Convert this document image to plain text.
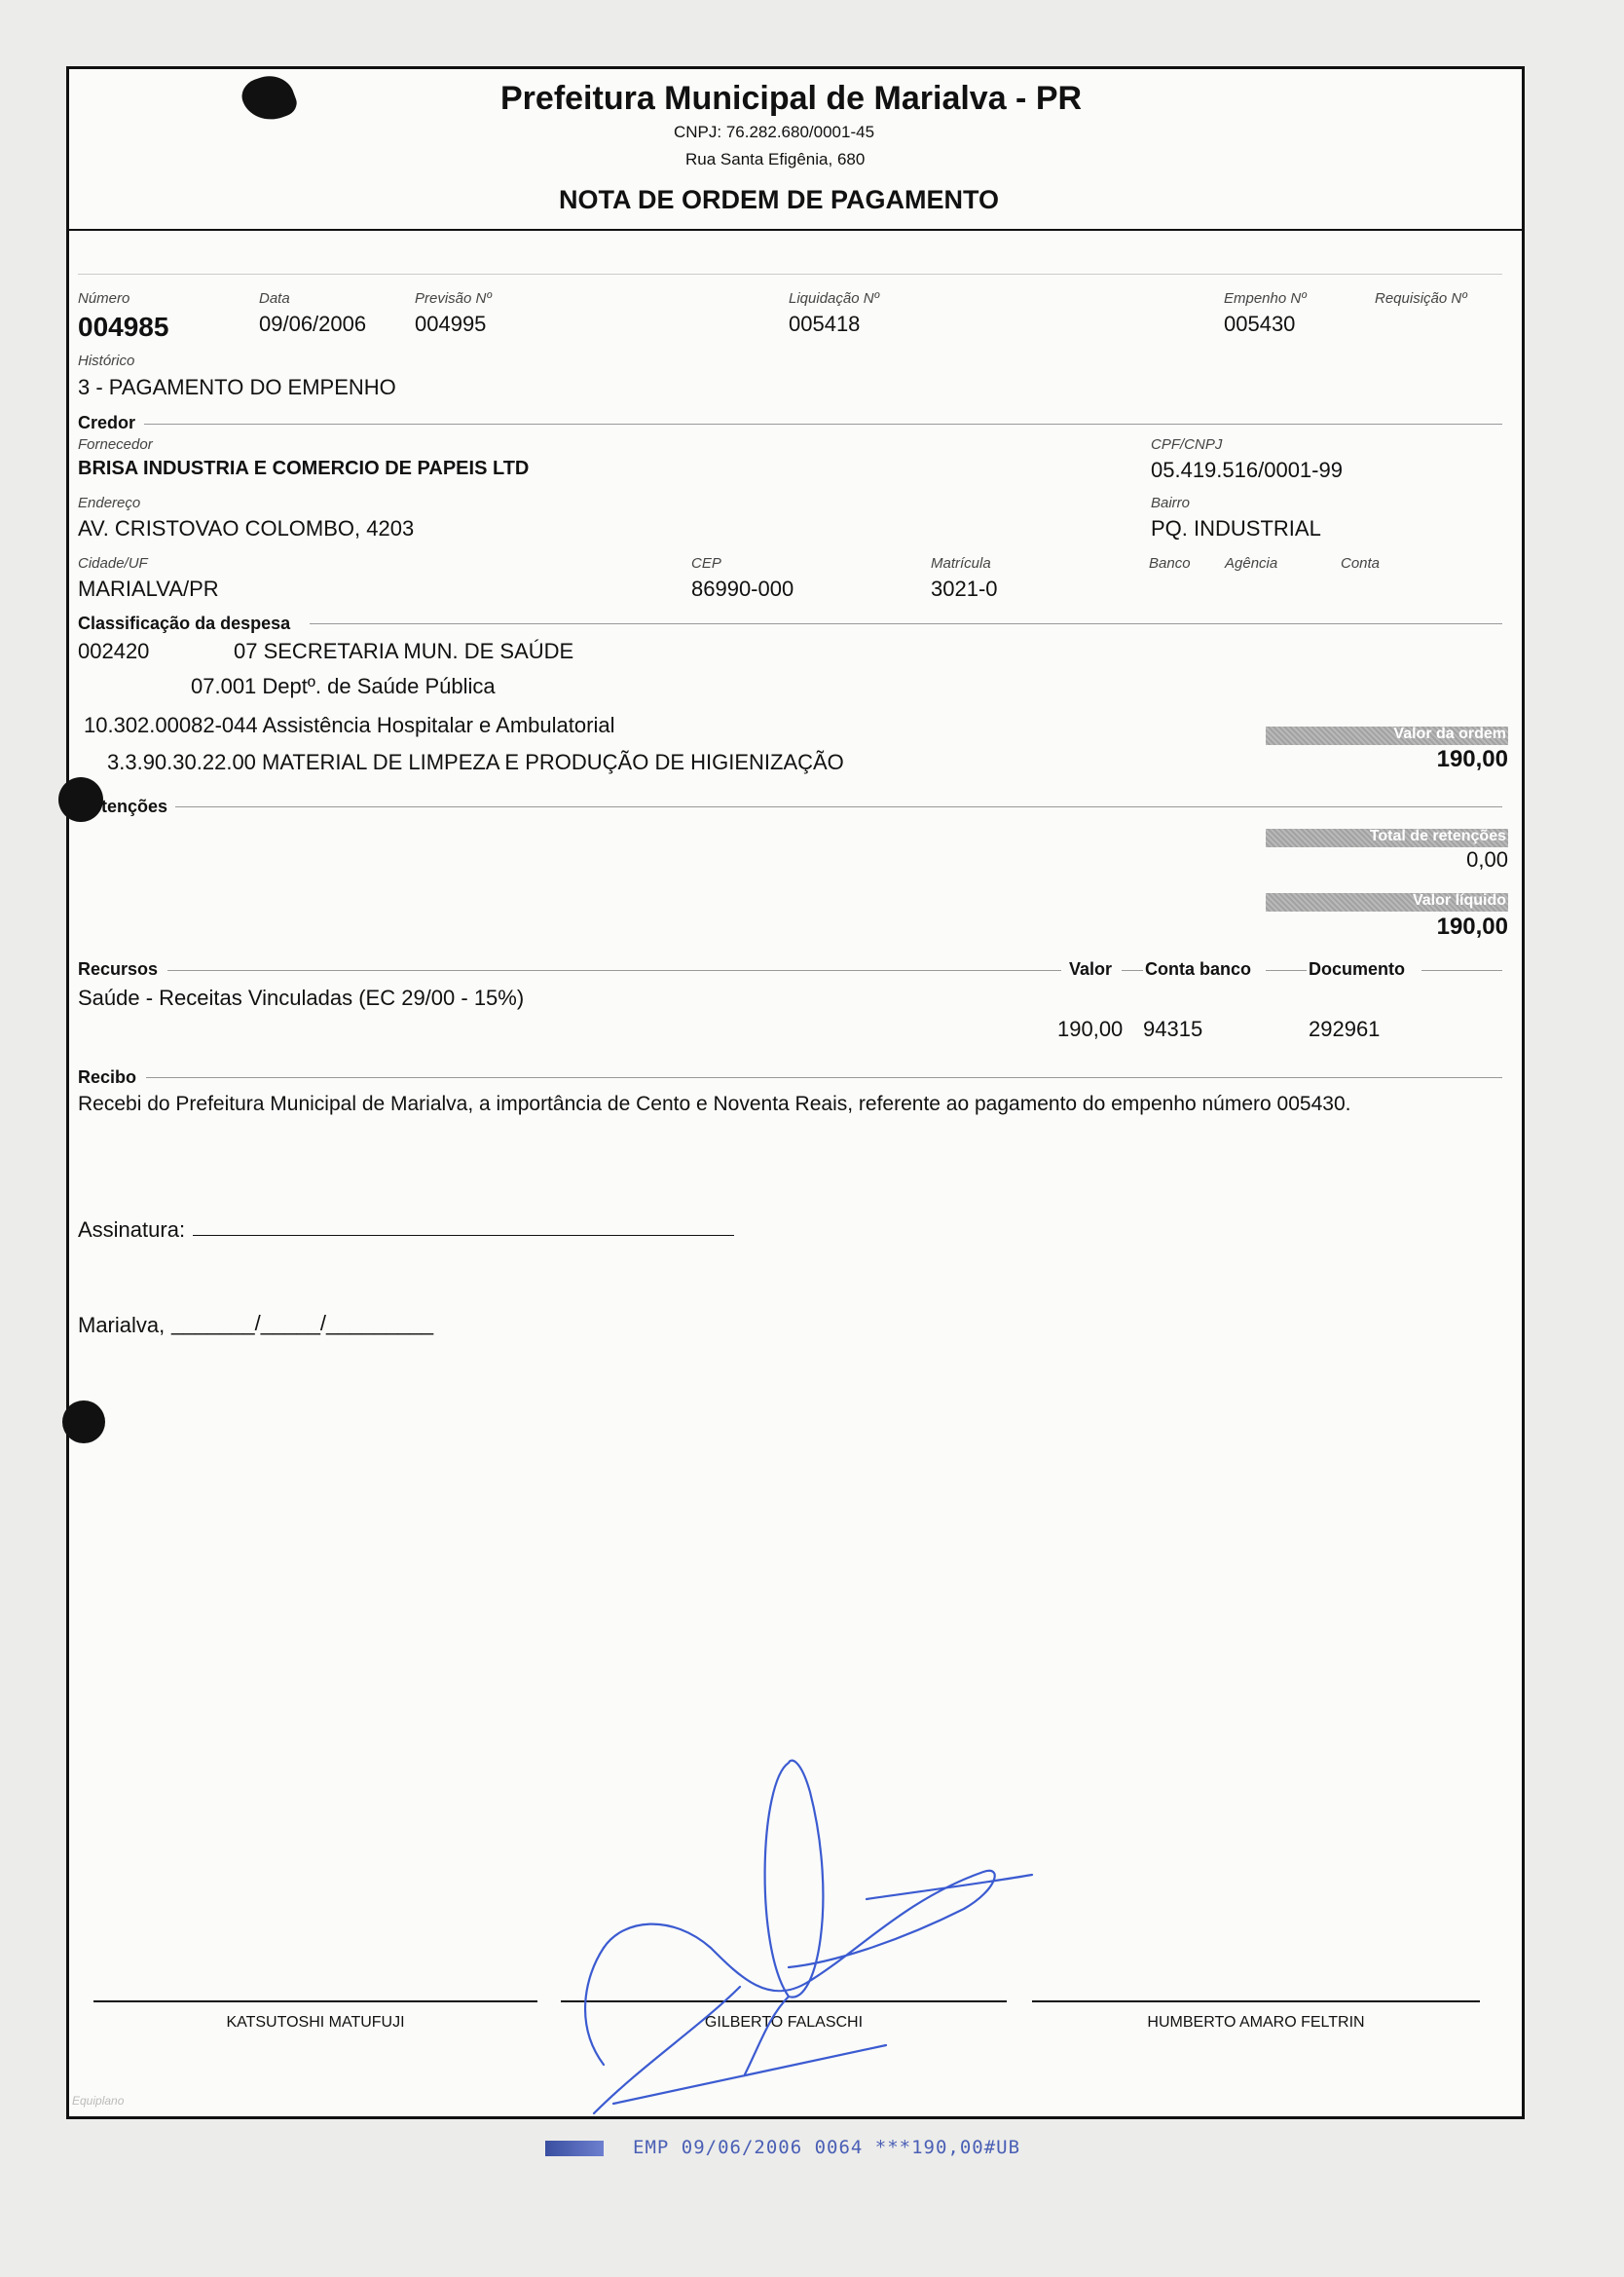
Prefeitura Municipal de Marialva - PR
CNPJ: 76.282.680/0001-45
Rua Santa Efigênia, 680
NOTA DE ORDEM DE PAGAMENTO
Número
004985
Data
09/06/2006
Previsão Nº
004995
Liquidação Nº
005418
Empenho Nº
005430
Requisição Nº
Histórico
3 - PAGAMENTO DO EMPENHO
Credor
Fornecedor
BRISA INDUSTRIA E COMERCIO DE PAPEIS LTD
CPF/CNPJ
05.419.516/0001-99
Endereço
AV. CRISTOVAO COLOMBO, 4203
Bairro
PQ. INDUSTRIAL
Cidade/UF
MARIALVA/PR
CEP
86990-000
Matrícula
3021-0
Banco Agência	Conta
Classificação da despesa
002420	07 SECRETARIA MUN. DE SAÚDE
07.001 Deptº. de Saúde Pública
10.302.00082-044 Assistência Hospitalar e Ambulatorial
3.3.90.30.22.00 MATERIAL DE LIMPEZA E PRODUÇÃO DE HIGIENIZAÇÃO
Valor da ordem
190,00
tenções
Total de retenções
0,00
Valor líquido
190,00
Recursos	Valor Conta banco	Documento
Saúde - Receitas Vinculadas (EC 29/00 - 15%)
190,00 94315	292961
Recibo
Recebi do Prefeitura Municipal de Marialva, a importância de Cento e Noventa Reais, referente ao pagamento do empenho número 005430.
Assinatura:
Marialva, _______/_____/_________
KATSUTOSHI MATUFUJI	GILBERTO FALASCHI	HUMBERTO AMARO FELTRIN
Equiplano
EMP 09/06/2006 0064 ***190,00#UB
